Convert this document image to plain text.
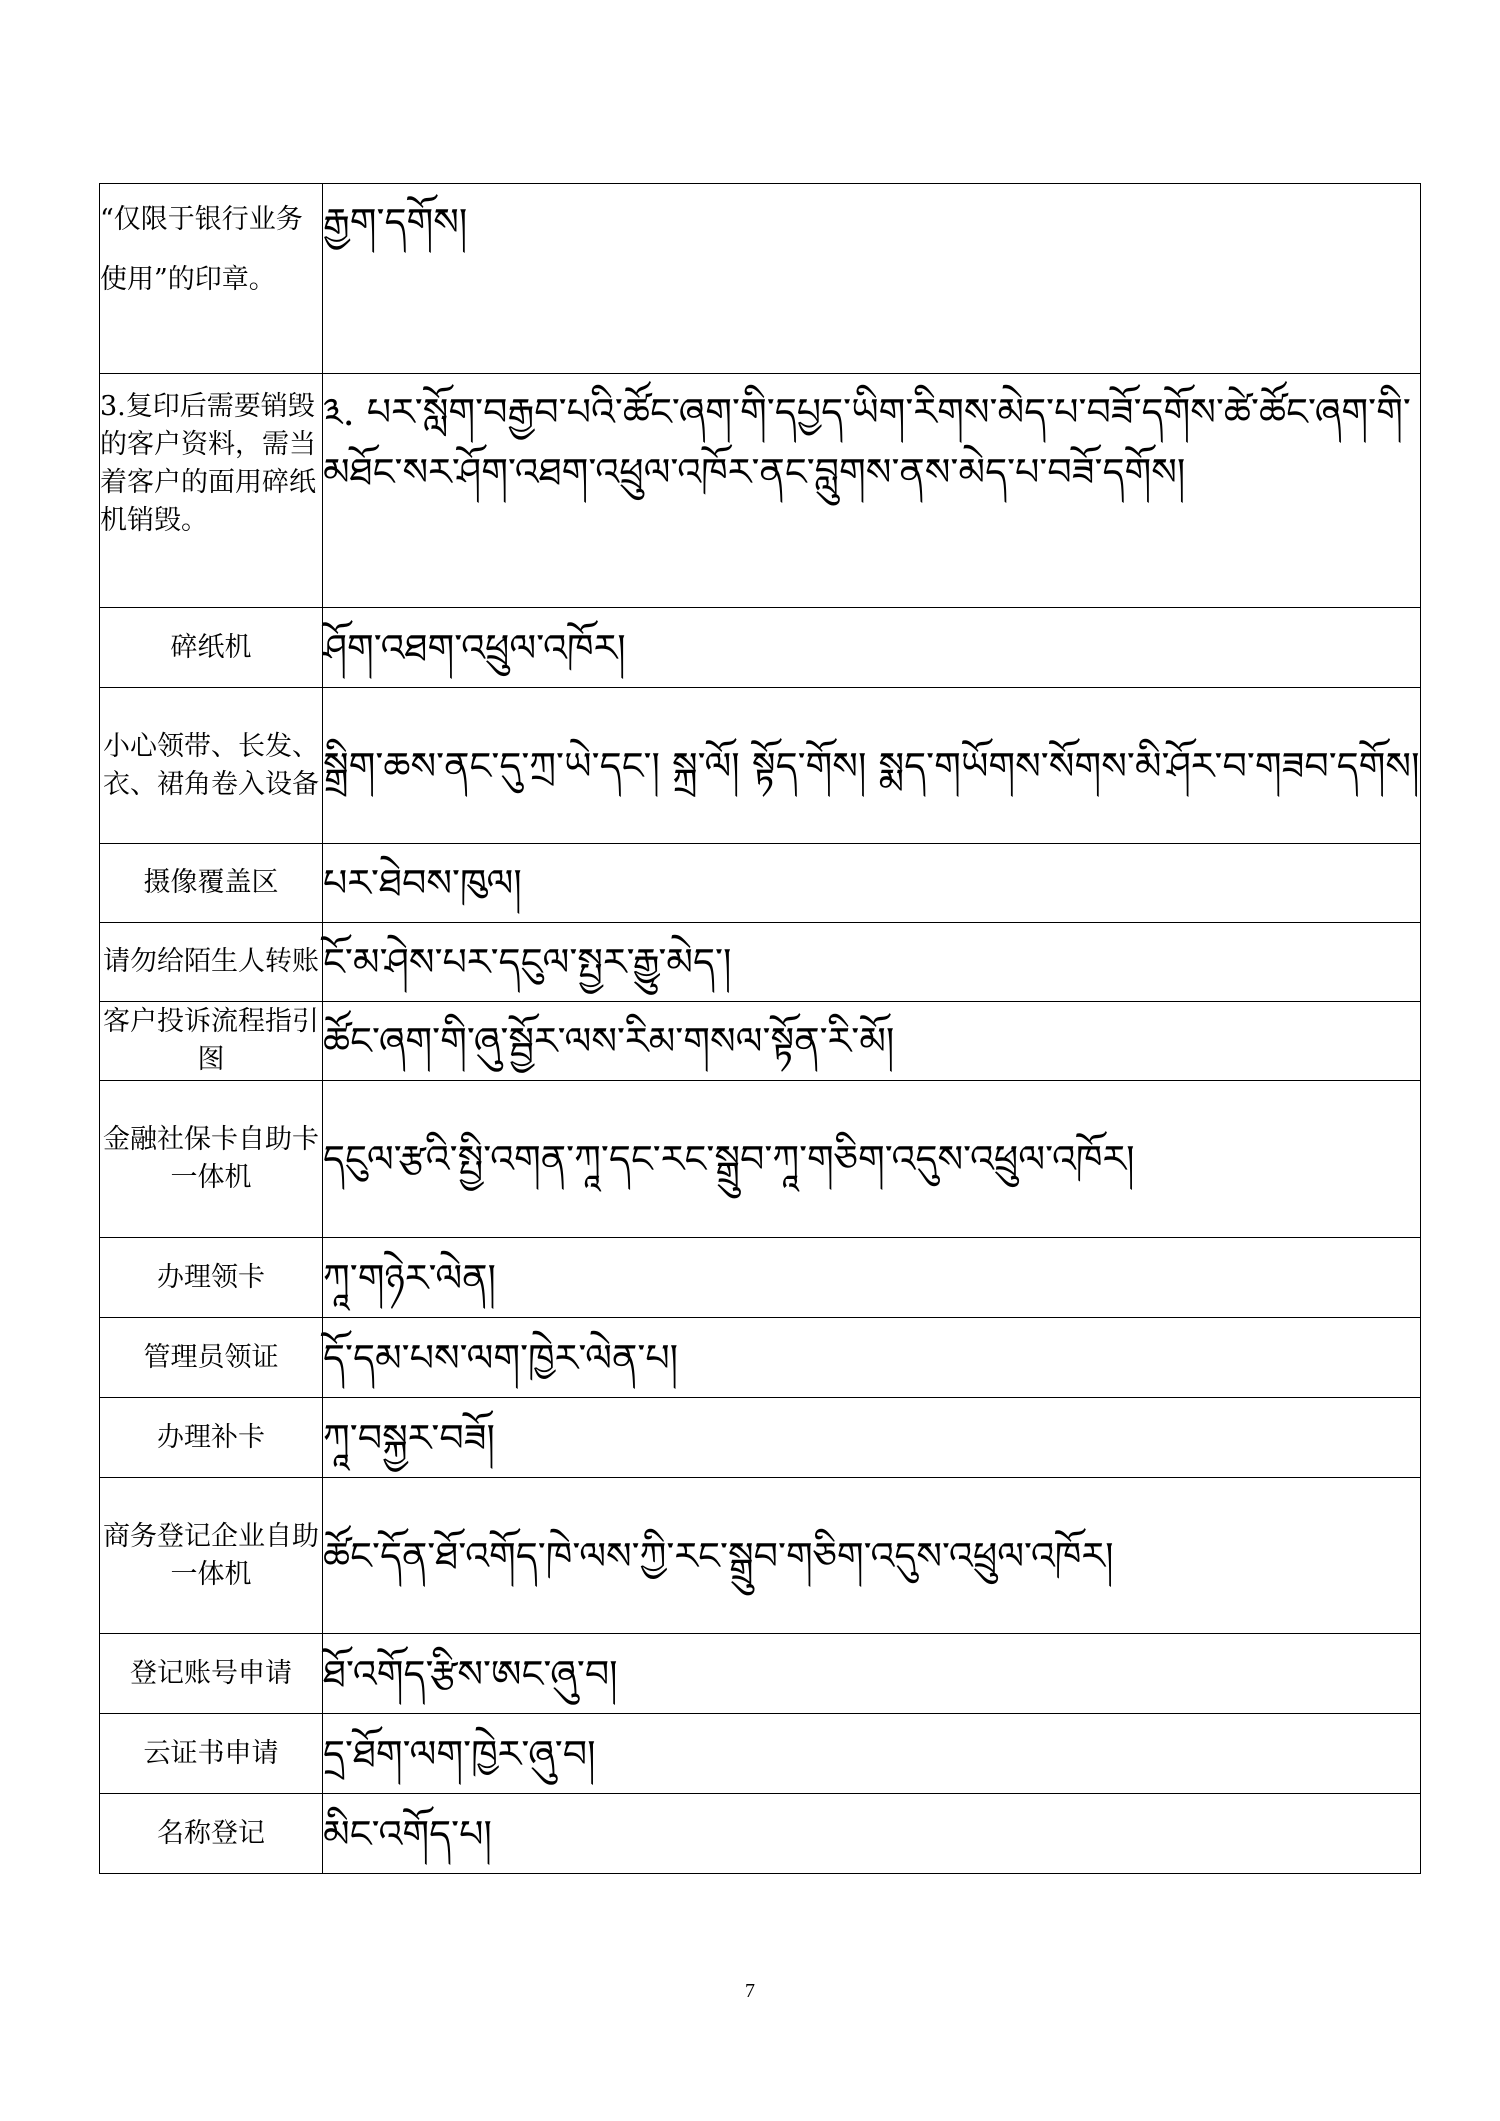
“仅限于银行业务使用”的印章。	རྒྱག་དགོས།
3.复印后需要销毁的客户资料，需当着客户的面用碎纸机销毁。	༣. པར་སློག་བརྒྱབ་པའི་ཚོང་ཞག་གི་དཔྱད་ཡིག་རིགས་མེད་པ་བཟོ་དགོས་ཚེ་ཚོང་ཞག་གི་མཐོང་སར་ཤོག་འཐག་འཕྲུལ་འཁོར་ནང་བླུགས་ནས་མེད་པ་བཟོ་དགོས།
碎纸机	ཤོག་འཐག་འཕྲུལ་འཁོར།
小心领带、长发、衣、裙角卷入设备	སྒྲིག་ཆས་ནང་དུ་ཀྲ་ཡེ་དང་། སྐྲ་ལོ། སྟོད་གོས། སྨད་གཡོགས་སོགས་མི་ཤོར་བ་གཟབ་དགོས།
摄像覆盖区	པར་ཐེབས་ཁུལ།
请勿给陌生人转账	ངོ་མ་ཤེས་པར་དངུལ་སྤྱར་རྒྱུ་མེད་།
客户投诉流程指引图	ཚོང་ཞག་གི་ཞུ་སྦྱོར་ལས་རིམ་གསལ་སྟོན་རི་མོ།
金融社保卡自助卡一体机	དངུལ་རྩའི་སྤྱི་འགན་ཀཱ་དང་རང་སྒྲུབ་ཀཱ་གཅིག་འདུས་འཕྲུལ་འཁོར།
办理领卡	ཀཱ་གཉེར་ལེན།
管理员领证	དོ་དམ་པས་ལག་ཁྱེར་ལེན་པ།
办理补卡	ཀཱ་བསྐྱར་བཟོ།
商务登记企业自助一体机	ཚོང་དོན་ཐོ་འགོད་ཁེ་ལས་ཀྱི་རང་སྒྲུབ་གཅིག་འདུས་འཕྲུལ་འཁོར།
登记账号申请	ཐོ་འགོད་རྩིས་ཨང་ཞུ་བ།
云证书申请	དྲ་ཐོག་ལག་ཁྱེར་ཞུ་བ།
名称登记	མིང་འགོད་པ།
7
